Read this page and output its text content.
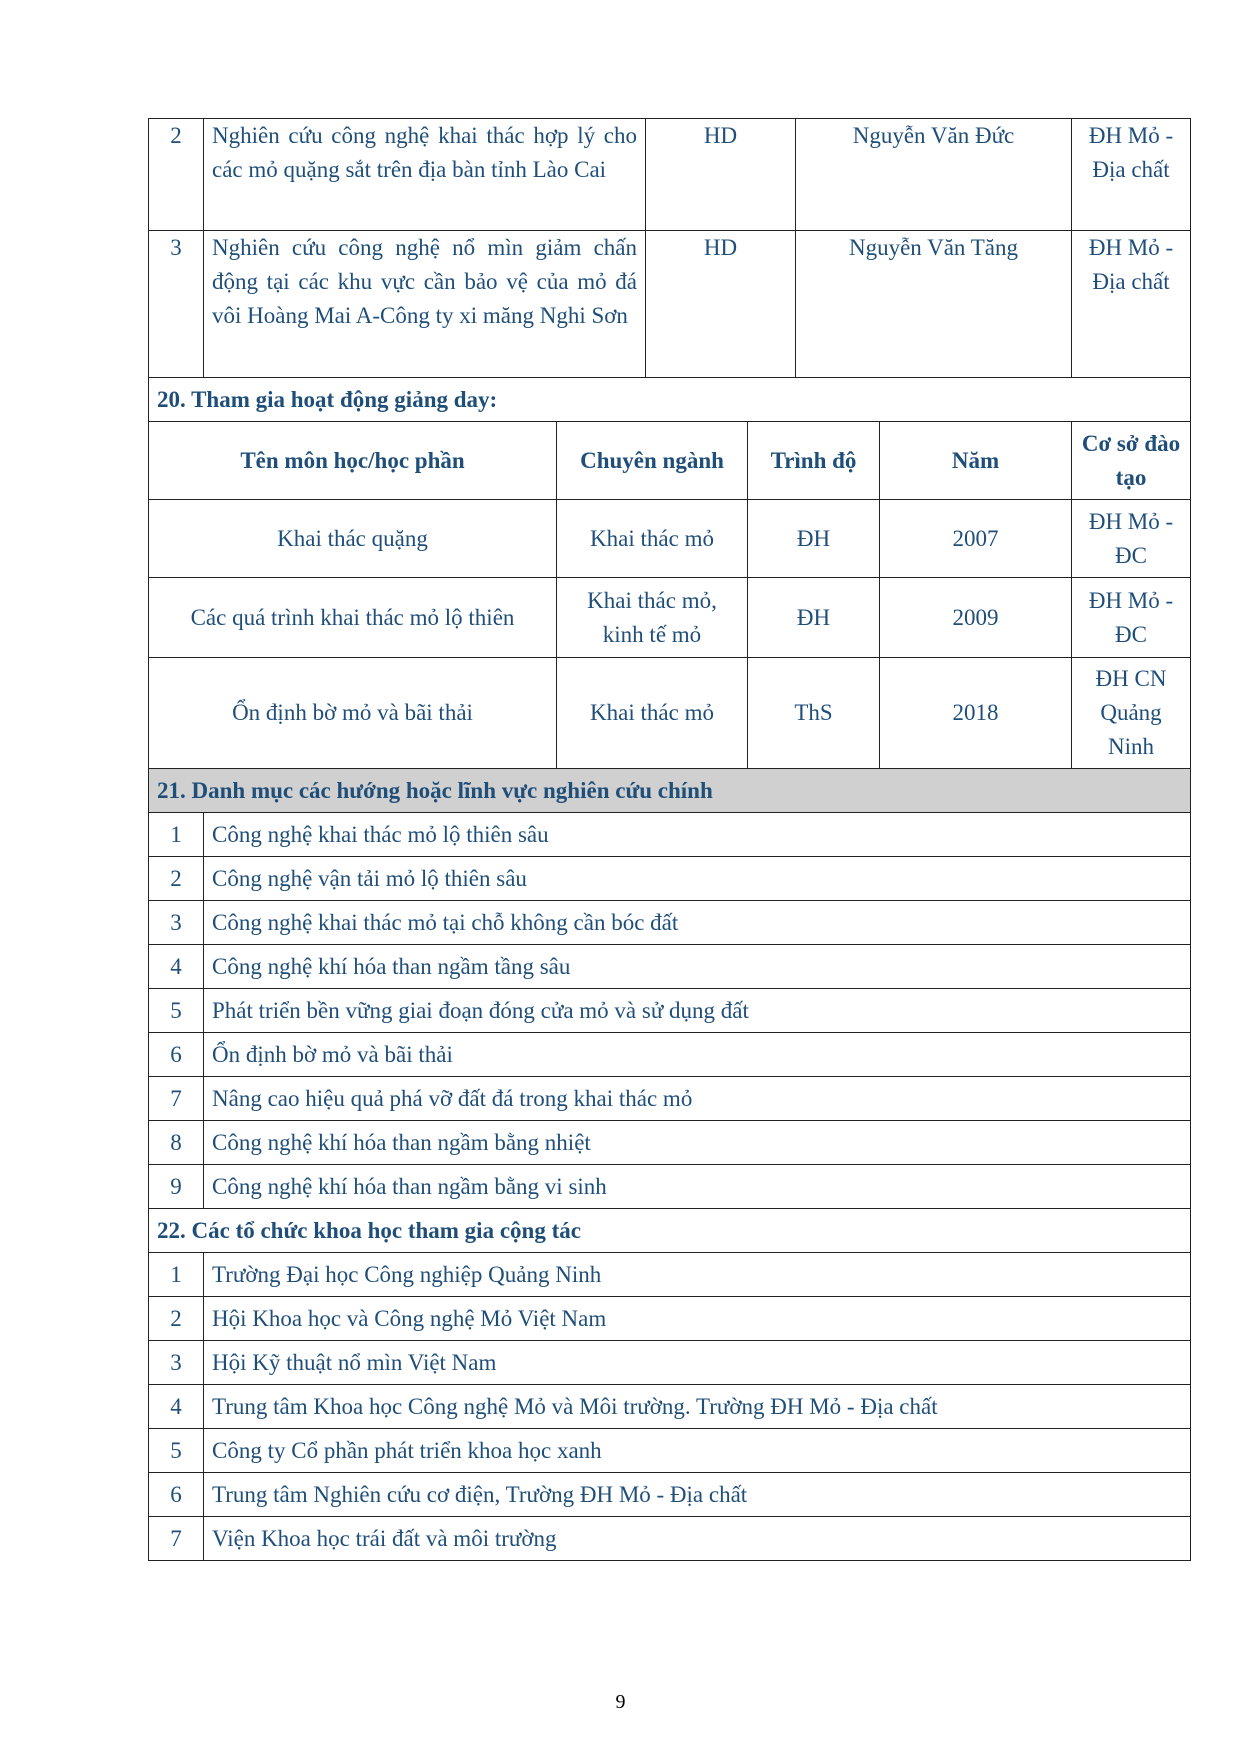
2	Nghiên cứu công nghệ khai thác hợp lý cho các mỏ quặng sắt trên địa bàn tỉnh Lào Cai	HD	Nguyễn Văn Đức	ĐH Mỏ - Địa chất
3	Nghiên cứu công nghệ nổ mìn giảm chấn động tại các khu vực cần bảo vệ của mỏ đá vôi Hoàng Mai A-Công ty xi măng Nghi Sơn	HD	Nguyễn Văn Tăng	ĐH Mỏ - Địa chất
20. Tham gia hoạt động giảng day:				
Tên môn học/học phần	Chuyên ngành	Trình độ	Năm	Cơ sở đào tạo
Khai thác quặng	Khai thác mỏ	ĐH	2007	ĐH Mỏ - ĐC
Các quá trình khai thác mỏ lộ thiên	Khai thác mỏ, kinh tế mỏ	ĐH	2009	ĐH Mỏ - ĐC
Ổn định bờ mỏ và bãi thải	Khai thác mỏ	ThS	2018	ĐH CN Quảng Ninh
21. Danh mục các hướng hoặc lĩnh vực nghiên cứu chính	
1	Công nghệ khai thác mỏ lộ thiên sâu
2	Công nghệ vận tải mỏ lộ thiên sâu
3	Công nghệ khai thác mỏ tại chỗ không cần bóc đất
4	Công nghệ khí hóa than ngầm tầng sâu
5	Phát triển bền vững giai đoạn đóng cửa mỏ và sử dụng đất
6	Ổn định bờ mỏ và bãi thải
7	Nâng cao hiệu quả phá vỡ đất đá trong khai thác mỏ
8	Công nghệ khí hóa than ngầm bằng nhiệt
9	Công nghệ khí hóa than ngầm bằng vi sinh
22. Các tổ chức khoa học tham gia cộng tác	
1	Trường Đại học Công nghiệp Quảng Ninh
2	Hội Khoa học và Công nghệ Mỏ Việt Nam
3	Hội Kỹ thuật nổ mìn Việt Nam
4	Trung tâm Khoa học Công nghệ Mỏ và Môi trường. Trường ĐH Mỏ - Địa chất
5	Công ty Cổ phần phát triển khoa học xanh
6	Trung tâm Nghiên cứu cơ điện, Trường ĐH Mỏ - Địa chất
7	Viện Khoa học trái đất và môi trường
9
